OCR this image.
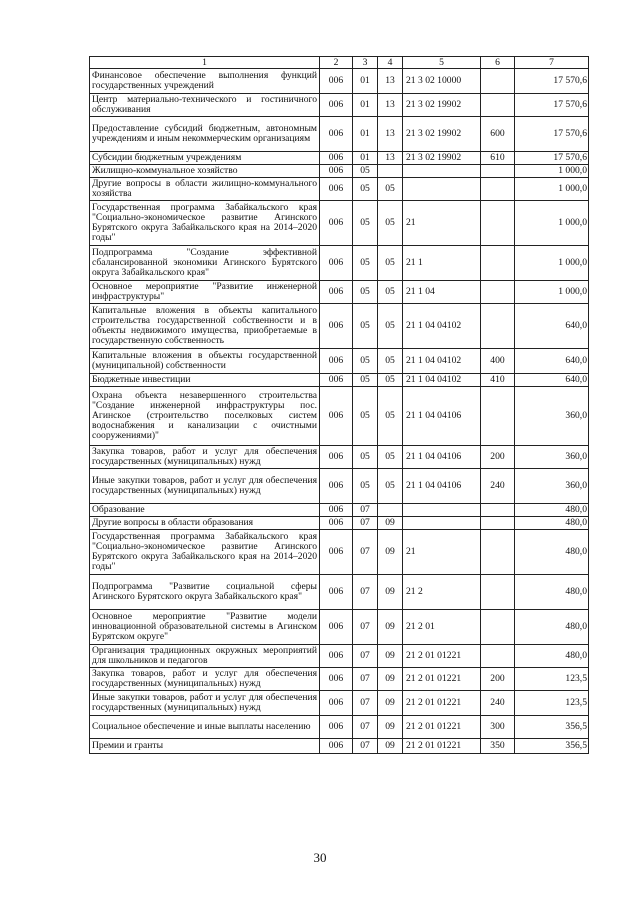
1	2	3	4	5	6	7
Финансовое обеспечение выполнения функций государственных учреждений	006	01	13	21 3 02 10000		17 570,6
Центр материально-технического и гостиничного обслуживания	006	01	13	21 3 02 19902		17 570,6
Предоставление субсидий бюджетным, автономным учреждениям и иным некоммерческим организациям	006	01	13	21 3 02 19902	600	17 570,6
Субсидии бюджетным учреждениям	006	01	13	21 3 02 19902	610	17 570,6
Жилищно-коммунальное хозяйство	006	05				1 000,0
Другие вопросы в области жилищно-коммунального хозяйства	006	05	05			1 000,0
Государственная программа Забайкальского края "Социально-экономическое развитие Агинского Бурятского округа Забайкальского края на 2014–2020 годы"	006	05	05	21		1 000,0
Подпрограмма "Создание эффективной сбалансированной экономики Агинского Бурятского округа Забайкальского края"	006	05	05	21 1		1 000,0
Основное мероприятие "Развитие инженерной инфраструктуры"	006	05	05	21 1 04		1 000,0
Капитальные вложения в объекты капитального строительства государственной собственности и в объекты недвижимого имущества, приобретаемые в государственную собственность	006	05	05	21 1 04 04102		640,0
Капитальные вложения в объекты государственной (муниципальной) собственности	006	05	05	21 1 04 04102	400	640,0
Бюджетные инвестиции	006	05	05	21 1 04 04102	410	640,0
Охрана объекта незавершенного строительства "Создание инженерной инфраструктуры пос. Агинское (строительство поселковых систем водоснабжения и канализации с очистными сооружениями)"	006	05	05	21 1 04 04106		360,0
Закупка товаров, работ и услуг для обеспечения государственных (муниципальных) нужд	006	05	05	21 1 04 04106	200	360,0
Иные закупки товаров, работ и услуг для обеспечения государственных (муниципальных) нужд	006	05	05	21 1 04 04106	240	360,0
Образование	006	07				480,0
Другие вопросы в области образования	006	07	09			480,0
Государственная программа Забайкальского края "Социально-экономическое развитие Агинского Бурятского округа Забайкальского края на 2014–2020 годы"	006	07	09	21		480,0
Подпрограмма "Развитие социальной сферы Агинского Бурятского округа Забайкальского края"	006	07	09	21 2		480,0
Основное мероприятие "Развитие модели инновационной образовательной системы в Агинском Бурятском округе"	006	07	09	21 2 01		480,0
Организация традиционных окружных мероприятий для школьников и педагогов	006	07	09	21 2 01 01221		480,0
Закупка товаров, работ и услуг для обеспечения государственных (муниципальных) нужд	006	07	09	21 2 01 01221	200	123,5
Иные закупки товаров, работ и услуг для обеспечения государственных (муниципальных) нужд	006	07	09	21 2 01 01221	240	123,5
Социальное обеспечение и иные выплаты населению	006	07	09	21 2 01 01221	300	356,5
Премии и гранты	006	07	09	21 2 01 01221	350	356,5
30
